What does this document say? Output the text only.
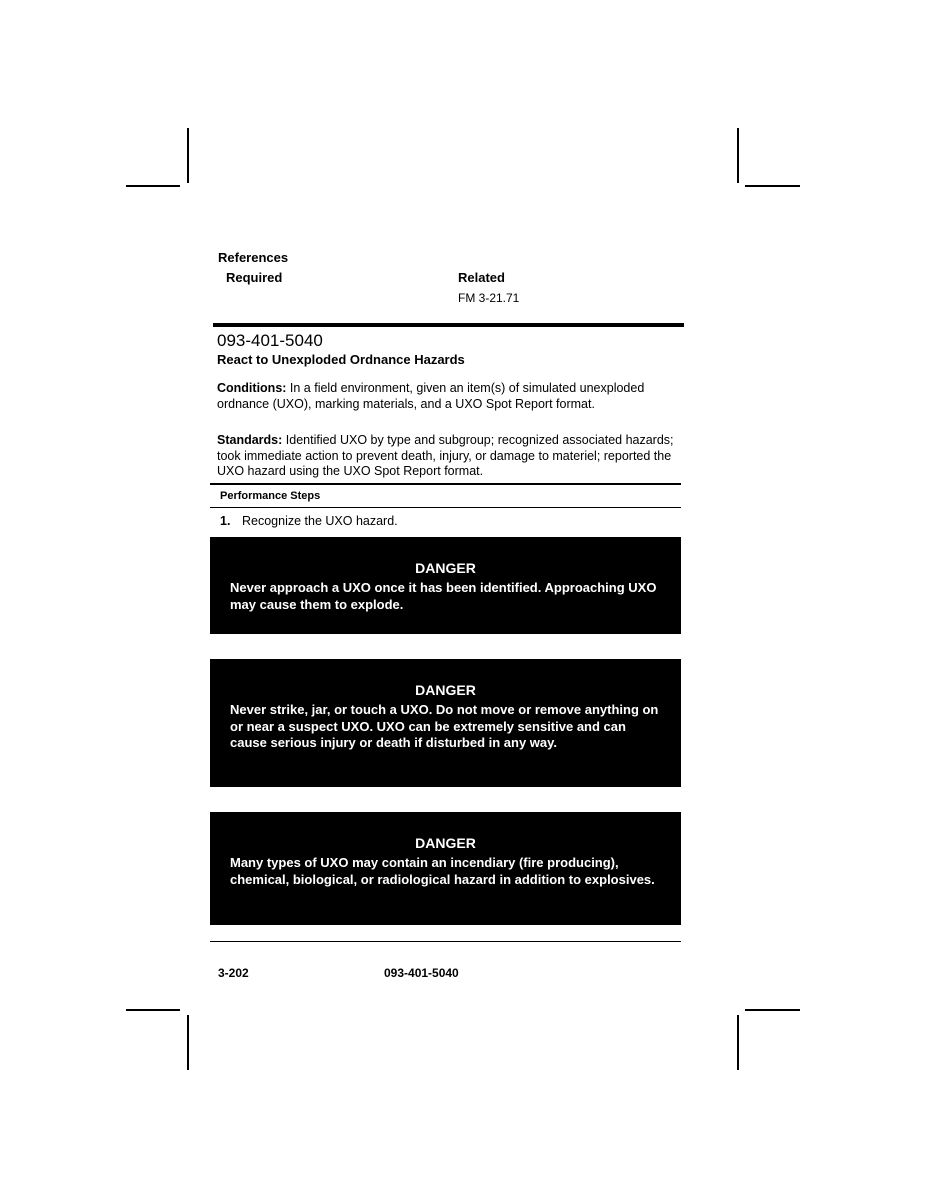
References
Required	Related
FM 3-21.71
093-401-5040
React to Unexploded Ordnance Hazards
Conditions: In a field environment, given an item(s) of simulated unexploded ordnance (UXO), marking materials, and a UXO Spot Report format.
Standards: Identified UXO by type and subgroup; recognized associated hazards; took immediate action to prevent death, injury, or damage to materiel; reported the UXO hazard using the UXO Spot Report format.
Performance Steps
1. Recognize the UXO hazard.
DANGER
Never approach a UXO once it has been identified. Approaching UXO may cause them to explode.
DANGER
Never strike, jar, or touch a UXO. Do not move or remove anything on or near a suspect UXO. UXO can be extremely sensitive and can cause serious injury or death if disturbed in any way.
DANGER
Many types of UXO may contain an incendiary (fire producing), chemical, biological, or radiological hazard in addition to explosives.
3-202	093-401-5040
